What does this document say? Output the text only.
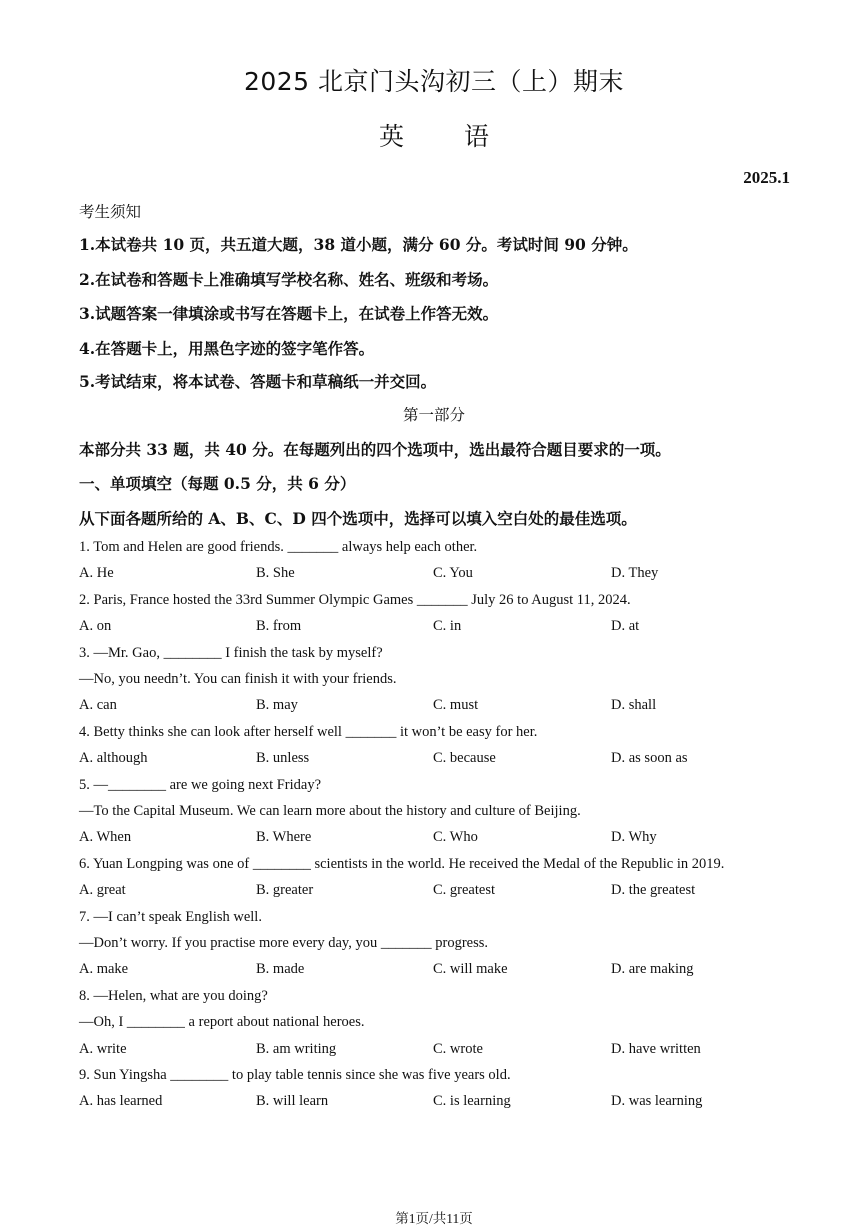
2025 北京门头沟初三（上）期末
英语
2025.1
考生须知
1.本试卷共 10 页，共五道大题，38 道小题，满分 60 分。考试时间 90 分钟。
2.在试卷和答题卡上准确填写学校名称、姓名、班级和考场。
3.试题答案一律填涂或书写在答题卡上，在试卷上作答无效。
4.在答题卡上，用黑色字迹的签字笔作答。
5.考试结束，将本试卷、答题卡和草稿纸一并交回。
第一部分
本部分共 33 题，共 40 分。在每题列出的四个选项中，选出最符合题目要求的一项。
一、单项填空（每题 0.5 分，共 6 分）
从下面各题所给的 A、B、C、D 四个选项中，选择可以填入空白处的最佳选项。
1. Tom and Helen are good friends. _______ always help each other.
A. He	B. She	C. You	D. They
2. Paris, France hosted the 33rd Summer Olympic Games _______ July 26 to August 11, 2024.
A. on	B. from	C. in	D. at
3. —Mr. Gao, ________ I finish the task by myself?
—No, you needn’t. You can finish it with your friends.
A. can	B. may	C. must	D. shall
4. Betty thinks she can look after herself well _______ it won’t be easy for her.
A. although	B. unless	C. because	D. as soon as
5. —________ are we going next Friday?
—To the Capital Museum. We can learn more about the history and culture of Beijing.
A. When	B. Where	C. Who	D. Why
6. Yuan Longping was one of ________ scientists in the world. He received the Medal of the Republic in 2019.
A. great	B. greater	C. greatest	D. the greatest
7. —I can’t speak English well.
—Don’t worry. If you practise more every day, you _______ progress.
A. make	B. made	C. will make	D. are making
8. —Helen, what are you doing?
—Oh, I ________ a report about national heroes.
A. write	B. am writing	C. wrote	D. have written
9. Sun Yingsha ________ to play table tennis since she was five years old.
A. has learned	B. will learn	C. is learning	D. was learning
第1页/共11页
